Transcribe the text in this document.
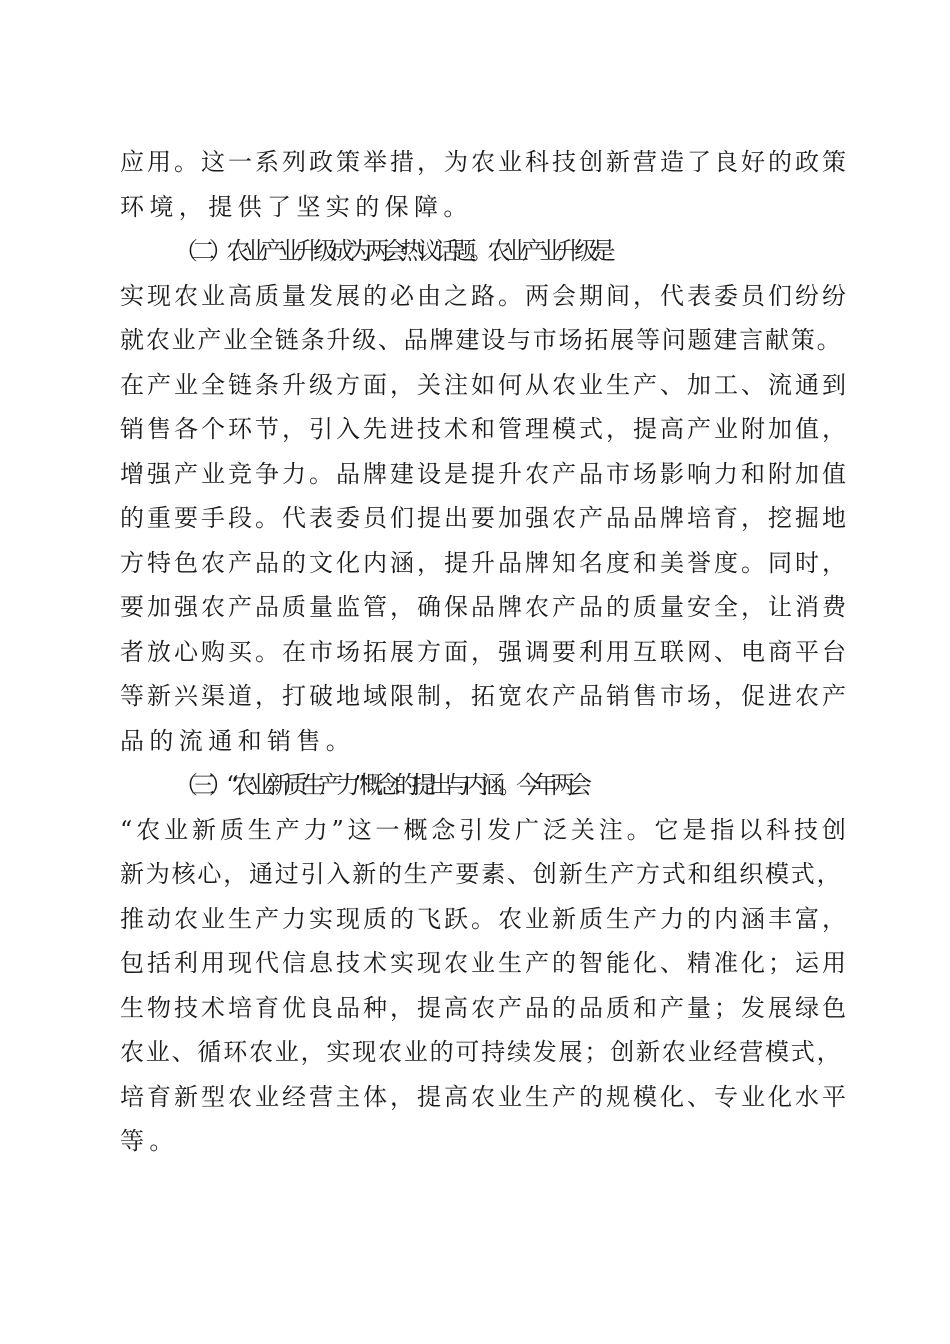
应用。这一系列政策举措，为农业科技创新营造了良好的政策
环境，提供了坚实的保障。
（二）农业产业升级成为两会热议话题。农业产业升级是
实现农业高质量发展的必由之路。两会期间，代表委员们纷纷
就农业产业全链条升级、品牌建设与市场拓展等问题建言献策。
在产业全链条升级方面，关注如何从农业生产、加工、流通到
销售各个环节，引入先进技术和管理模式，提高产业附加值，
增强产业竞争力。品牌建设是提升农产品市场影响力和附加值
的重要手段。代表委员们提出要加强农产品品牌培育，挖掘地
方特色农产品的文化内涵，提升品牌知名度和美誉度。同时，
要加强农产品质量监管，确保品牌农产品的质量安全，让消费
者放心购买。在市场拓展方面，强调要利用互联网、电商平台
等新兴渠道，打破地域限制，拓宽农产品销售市场，促进农产
品的流通和销售。
（三）“农业新质生产力”概念的提出与内涵。今年两会
“农业新质生产力”这一概念引发广泛关注。它是指以科技创
新为核心，通过引入新的生产要素、创新生产方式和组织模式，
推动农业生产力实现质的飞跃。农业新质生产力的内涵丰富，
包括利用现代信息技术实现农业生产的智能化、精准化；运用
生物技术培育优良品种，提高农产品的品质和产量；发展绿色
农业、循环农业，实现农业的可持续发展；创新农业经营模式，
培育新型农业经营主体，提高农业生产的规模化、专业化水平
等。
